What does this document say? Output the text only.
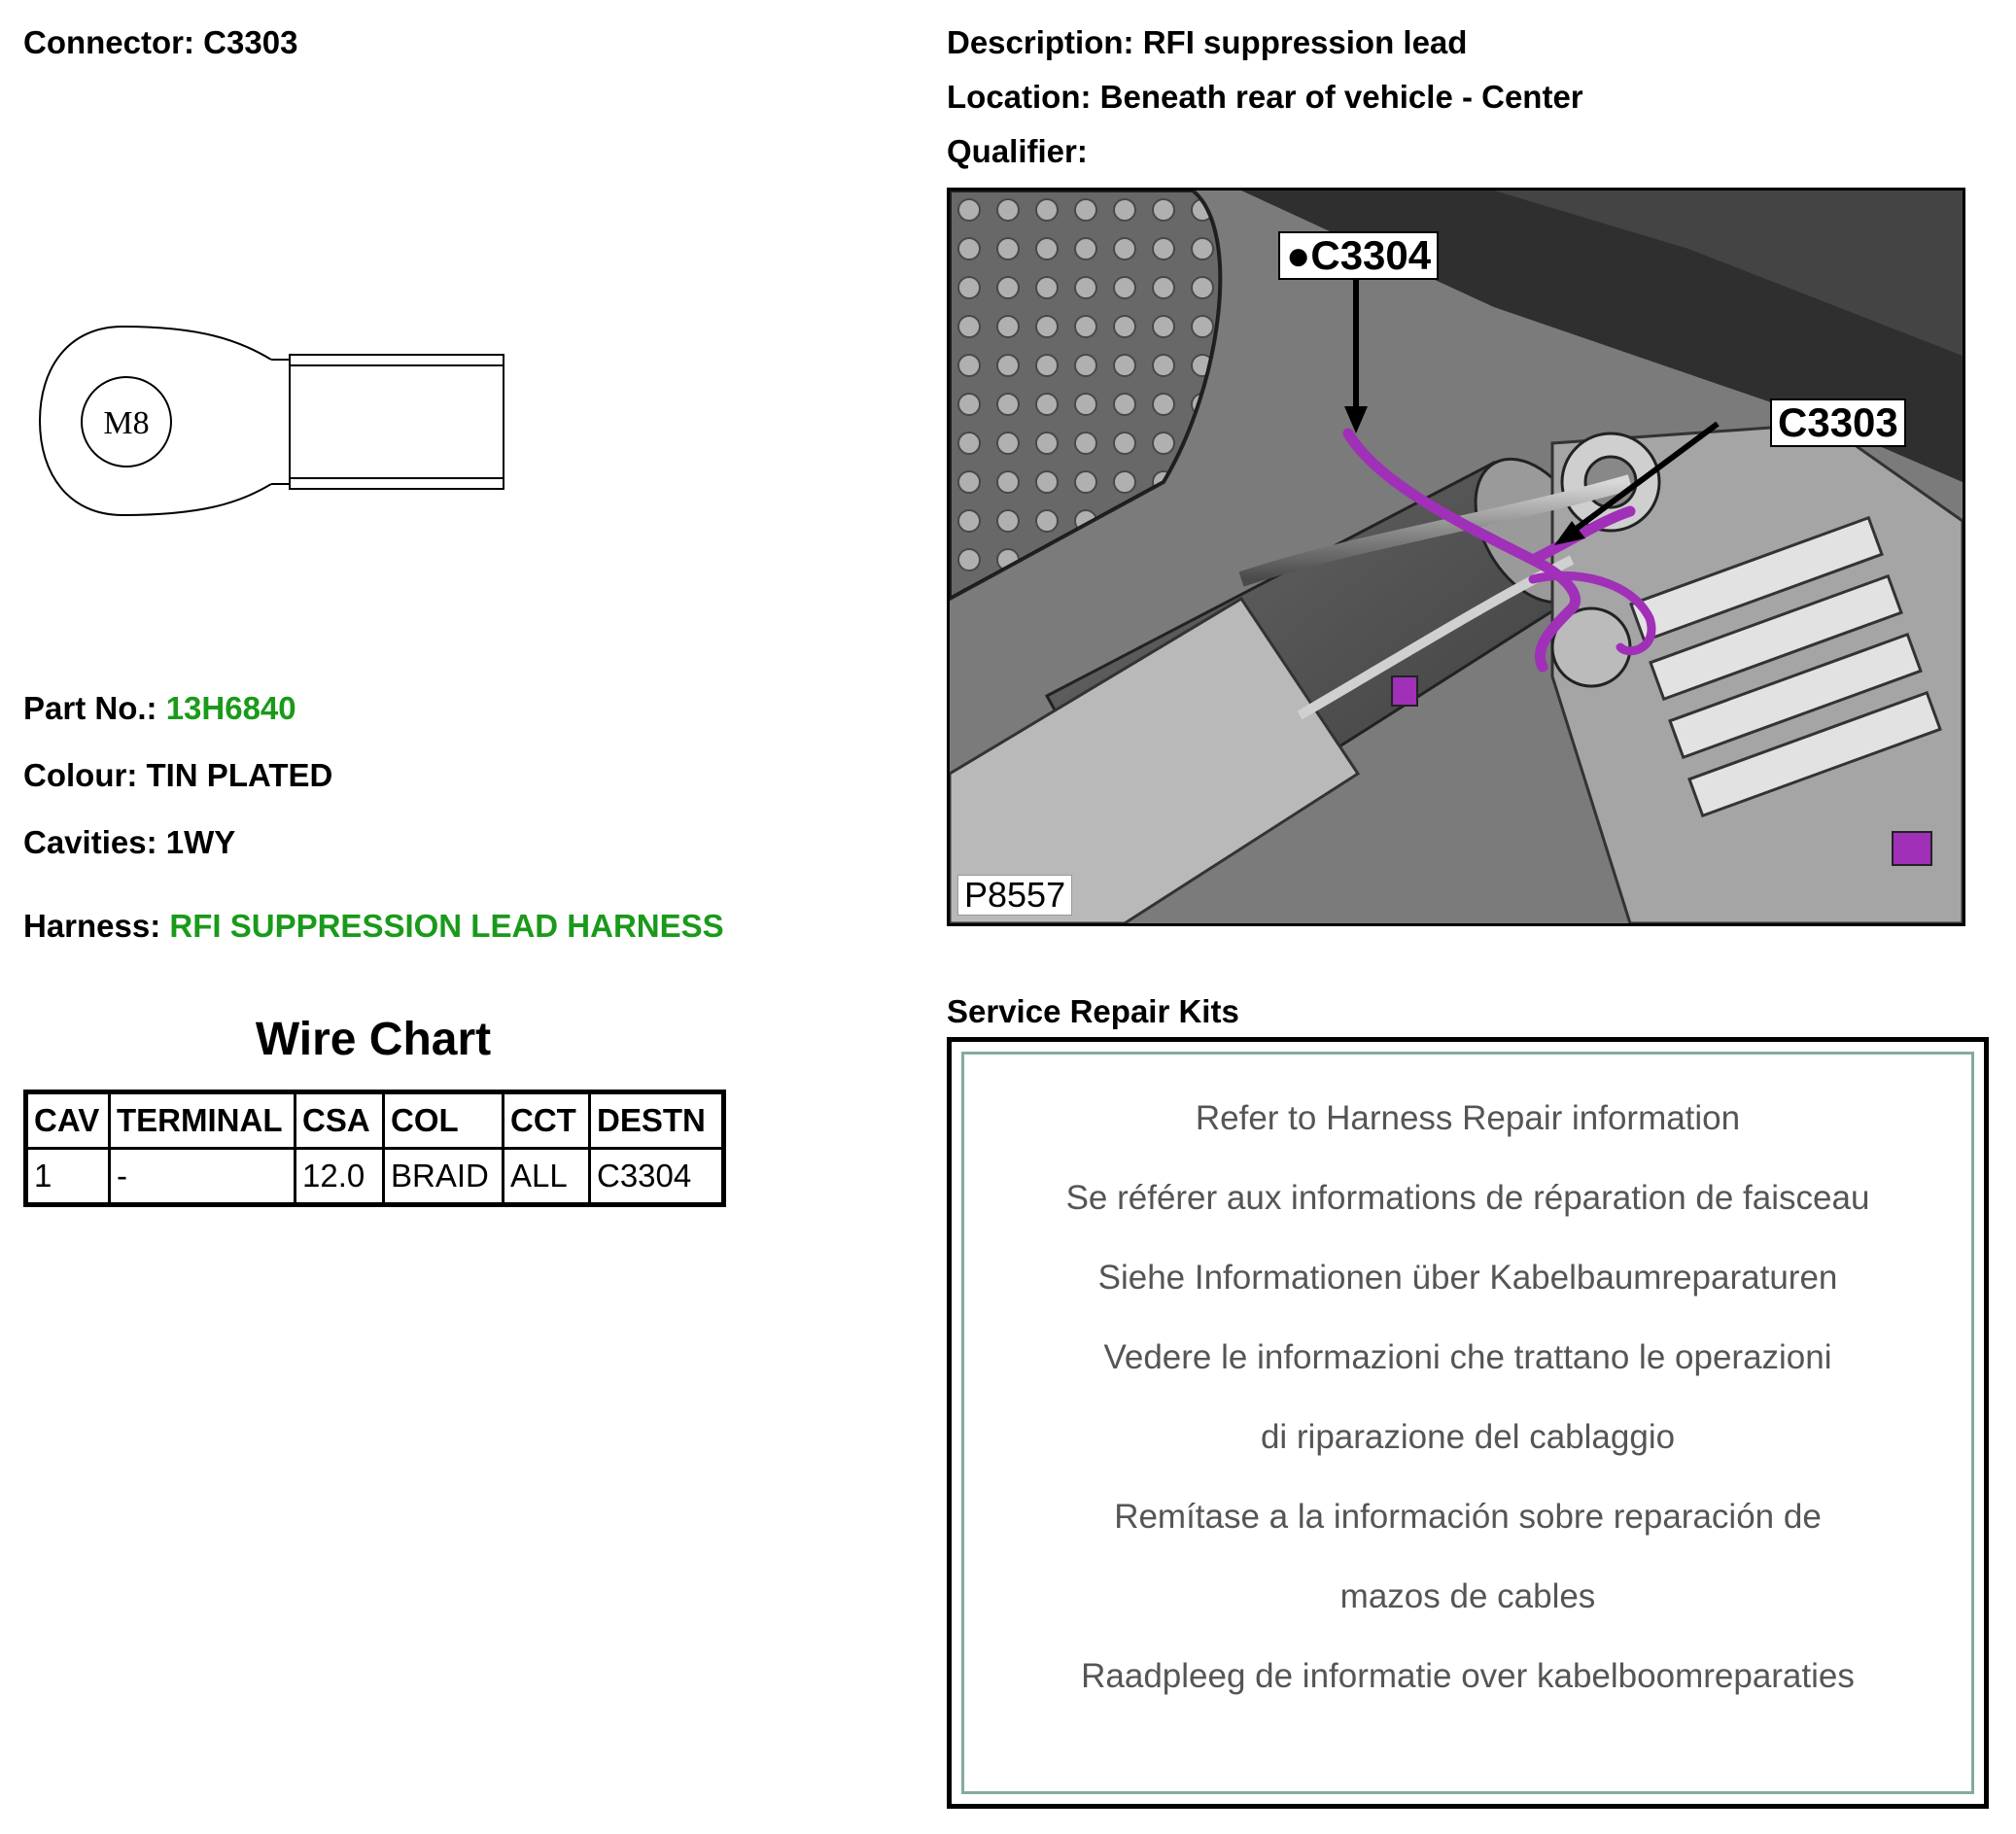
Connector: C3303
M8
Part No.: 13H6840
Colour: TIN PLATED
Cavities: 1WY
Harness: RFI SUPPRESSION LEAD HARNESS
Wire Chart
CAV	TERMINAL	CSA	COL	CCT	DESTN
1	-	12.0	BRAID	ALL	C3304
Description: RFI suppression lead
Location: Beneath rear of vehicle - Center
Qualifier:
●C3304
C3303
P8557
Service Repair Kits
Refer to Harness Repair information
Se référer aux informations de réparation de faisceau
Siehe Informationen über Kabelbaumreparaturen
Vedere le informazioni che trattano le operazioni
di riparazione del cablaggio
Remítase a la información sobre reparación de
mazos de cables
Raadpleeg de informatie over kabelboomreparaties
